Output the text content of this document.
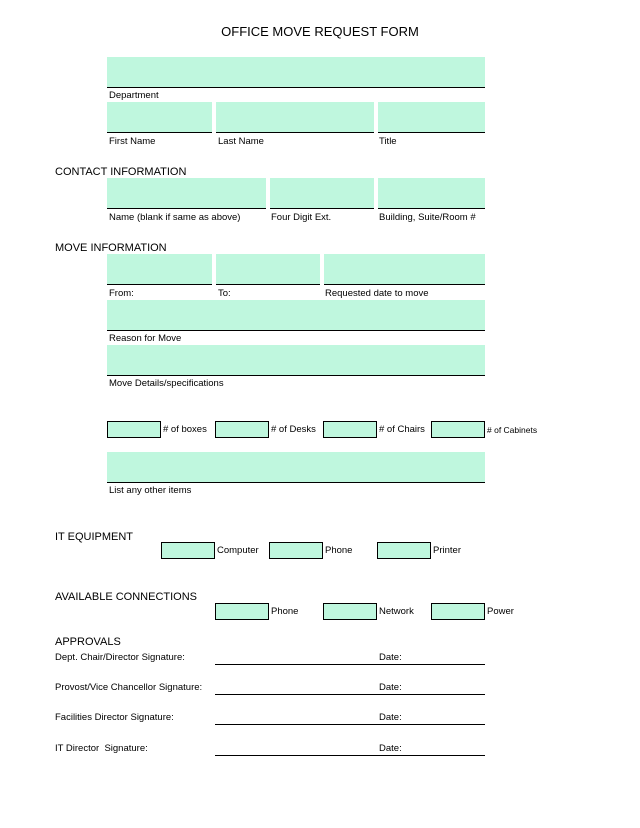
OFFICE MOVE REQUEST FORM
Department
First Name	Last Name	Title
CONTACT INFORMATION
Name (blank if same as above)	Four Digit Ext.	Building, Suite/Room #
MOVE INFORMATION
From:	To:	Requested date to move
Reason for Move
Move Details/specifications
# of boxes	# of Desks	# of Chairs	# of Cabinets
List any other items
IT EQUIPMENT
Computer	Phone	Printer
AVAILABLE CONNECTIONS
Phone	Network	Power
APPROVALS
Dept. Chair/Director Signature:	Date:
Provost/Vice Chancellor Signature:	Date:
Facilities Director Signature:	Date:
IT Director  Signature:	Date:
